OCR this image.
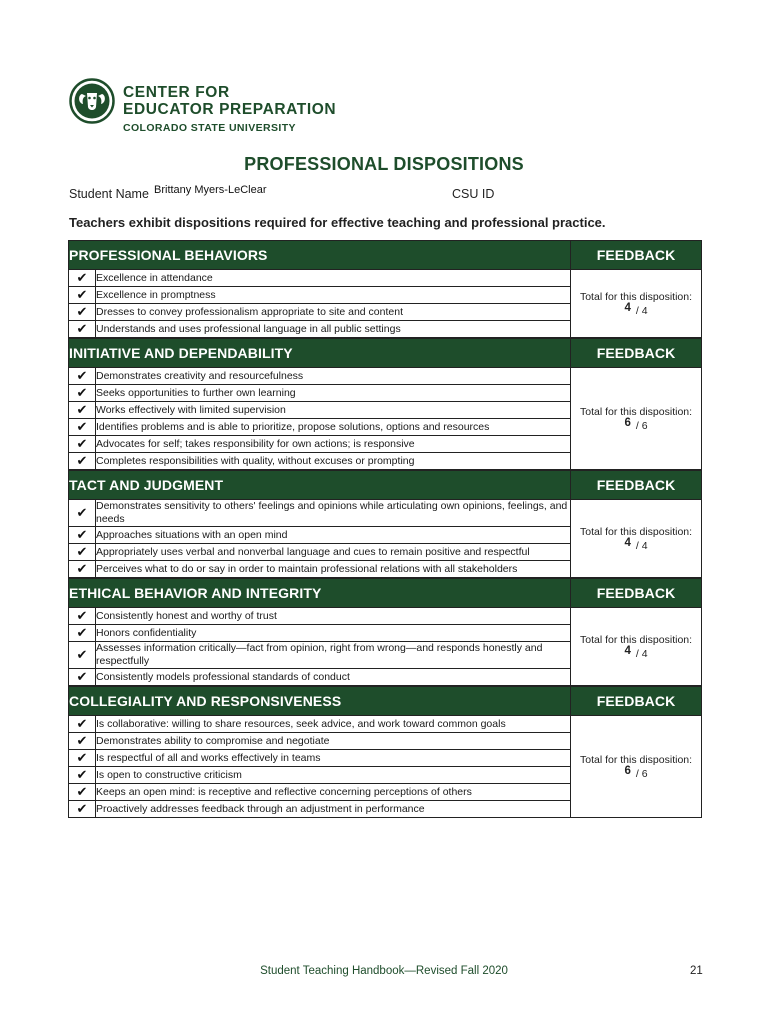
CENTER FOR
EDUCATOR PREPARATION
COLORADO STATE UNIVERSITY
PROFESSIONAL DISPOSITIONS
Student Name Brittany Myers-LeClear	CSU ID
Teachers exhibit dispositions required for effective teaching and professional practice.
PROFESSIONAL BEHAVIORS		FEEDBACK
✔	Excellence in attendance	Total for this disposition:
4 / 4

✔	Excellence in promptness	
✔	Dresses to convey professionalism appropriate to site and content	
✔	Understands and uses professional language in all public settings	
INITIATIVE AND DEPENDABILITY		FEEDBACK
✔	Demonstrates creativity and resourcefulness	Total for this disposition:
6 / 6

✔	Seeks opportunities to further own learning	
✔	Works effectively with limited supervision	
✔	Identifies problems and is able to prioritize, propose solutions, options and resources	
✔	Advocates for self; takes responsibility for own actions; is responsive	
✔	Completes responsibilities with quality, without excuses or prompting	
TACT AND JUDGMENT		FEEDBACK
✔	Demonstrates sensitivity to others' feelings and opinions while articulating own opinions, feelings, and needs	Total for this disposition:
4 / 4

✔	Approaches situations with an open mind	
✔	Appropriately uses verbal and nonverbal language and cues to remain positive and respectful	
✔	Perceives what to do or say in order to maintain professional relations with all stakeholders	
ETHICAL BEHAVIOR AND INTEGRITY		FEEDBACK
✔	Consistently honest and worthy of trust	Total for this disposition:
4 / 4

✔	Honors confidentiality	
✔	Assesses information critically—fact from opinion, right from wrong—and responds honestly and respectfully	
✔	Consistently models professional standards of conduct	
COLLEGIALITY AND RESPONSIVENESS		FEEDBACK
✔	Is collaborative: willing to share resources, seek advice, and work toward common goals	Total for this disposition:
6 / 6

✔	Demonstrates ability to compromise and negotiate	
✔	Is respectful of all and works effectively in teams	
✔	Is open to constructive criticism	
✔	Keeps an open mind: is receptive and reflective concerning perceptions of others	
✔	Proactively addresses feedback through an adjustment in performance	
Student Teaching Handbook—Revised Fall 2020	21
